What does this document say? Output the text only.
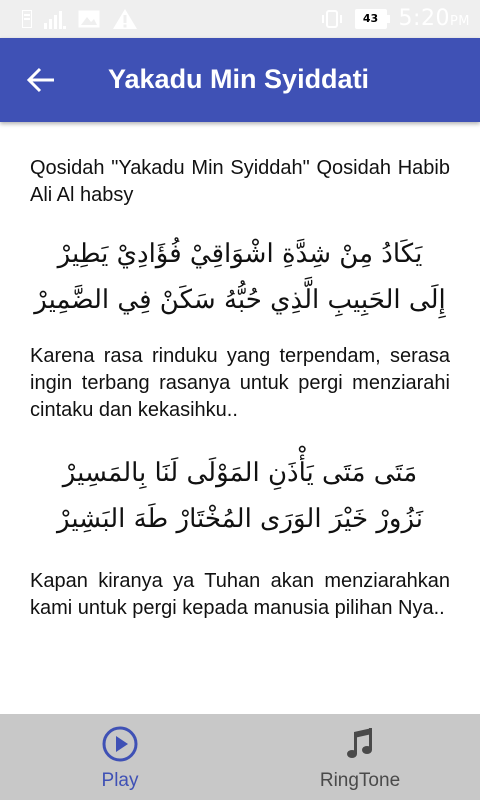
43 5:20PM
Yakadu Min Syiddati

Qosidah "Yakadu Min Syiddah" Qosidah Habib Ali Al habsy

يَكَادُ مِنْ شِدَّةِ اشْوَاقِيْ فُؤَادِيْ يَطِيرْ

إِلَى الحَبِيبِ الَّذِي حُبُّهُ سَكَنْ فِي الضَّمِيرْ

Karena rasa rinduku yang terpendam, serasa ingin terbang rasanya untuk pergi menziarahi cintaku dan kekasihku..

مَتَى مَتَى يَأْذَنِ المَوْلَى لَنَا بِالمَسِيرْ

نَزُورْ خَيْرَ الوَرَى المُخْتَارْ طَهَ البَشِيرْ

Kapan kiranya ya Tuhan akan menziarahkan kami untuk pergi kepada manusia pilihan Nya..

Play	RingTone
